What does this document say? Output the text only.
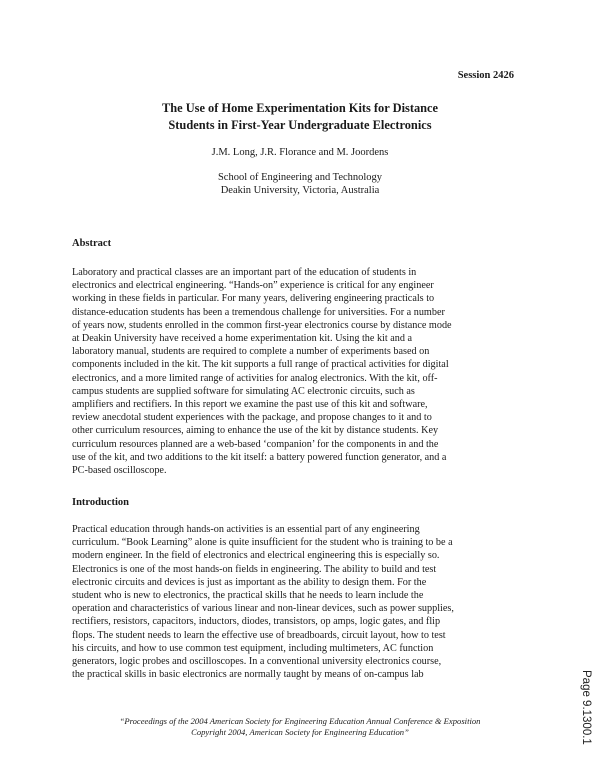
Session 2426
The Use of Home Experimentation Kits for Distance
Students in First-Year Undergraduate Electronics
J.M. Long, J.R. Florance and M. Joordens
School of Engineering and Technology
Deakin University, Victoria, Australia
Abstract
Laboratory and practical classes are an important part of the education of students in
electronics and electrical engineering. “Hands-on” experience is critical for any engineer
working in these fields in particular. For many years, delivering engineering practicals to
distance-education students has been a tremendous challenge for universities. For a number
of years now, students enrolled in the common first-year electronics course by distance mode
at Deakin University have received a home experimentation kit. Using the kit and a
laboratory manual, students are required to complete a number of experiments based on
components included in the kit. The kit supports a full range of practical activities for digital
electronics, and a more limited range of activities for analog electronics. With the kit, off-
campus students are supplied software for simulating AC electronic circuits, such as
amplifiers and rectifiers. In this report we examine the past use of this kit and software,
review anecdotal student experiences with the package, and propose changes to it and to
other curriculum resources, aiming to enhance the use of the kit by distance students. Key
curriculum resources planned are a web-based ‘companion’ for the components in and the
use of the kit, and two additions to the kit itself: a battery powered function generator, and a
PC-based oscilloscope.
Introduction
Practical education through hands-on activities is an essential part of any engineering
curriculum. “Book Learning” alone is quite insufficient for the student who is training to be a
modern engineer. In the field of electronics and electrical engineering this is especially so.
Electronics is one of the most hands-on fields in engineering. The ability to build and test
electronic circuits and devices is just as important as the ability to design them. For the
student who is new to electronics, the practical skills that he needs to learn include the
operation and characteristics of various linear and non-linear devices, such as power supplies,
rectifiers, resistors, capacitors, inductors, diodes, transistors, op amps, logic gates, and flip
flops. The student needs to learn the effective use of breadboards, circuit layout, how to test
his circuits, and how to use common test equipment, including multimeters, AC function
generators, logic probes and oscilloscopes. In a conventional university electronics course,
the practical skills in basic electronics are normally taught by means of on-campus lab
“Proceedings of the 2004 American Society for Engineering Education Annual Conference & Exposition
Copyright 2004, American Society for Engineering Education”	Page 9.1300.1
